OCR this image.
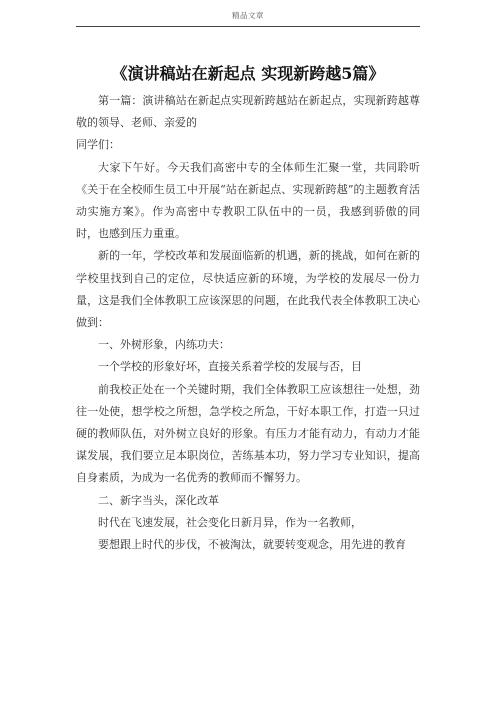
精品文章
《演讲稿站在新起点 实现新跨越5篇》

第一篇：演讲稿站在新起点实现新跨越站在新起点，实现新跨越尊敬的领导、老师、亲爱的

同学们：

大家下午好。今天我们高密中专的全体师生汇聚一堂，共同聆听《关于在全校师生员工中开展“站在新起点、实现新跨越”的主题教育活动实施方案》。作为高密中专教职工队伍中的一员，我感到骄傲的同时，也感到压力重重。

新的一年，学校改革和发展面临新的机遇，新的挑战，如何在新的学校里找到自己的定位，尽快适应新的环境，为学校的发展尽一份力量，这是我们全体教职工应该深思的问题，在此我代表全体教职工决心做到：

一、外树形象，内练功夫：

一个学校的形象好坏，直接关系着学校的发展与否，目

前我校正处在一个关键时期，我们全体教职工应该想往一处想，劲往一处使，想学校之所想，急学校之所急，干好本职工作，打造一只过硬的教师队伍，对外树立良好的形象。有压力才能有动力，有动力才能谋发展，我们要立足本职岗位，苦练基本功，努力学习专业知识，提高自身素质，为成为一名优秀的教师而不懈努力。

二、新字当头，深化改革

时代在飞速发展，社会变化日新月异，作为一名教师，

要想跟上时代的步伐，不被淘汰，就要转变观念，用先进的教育
